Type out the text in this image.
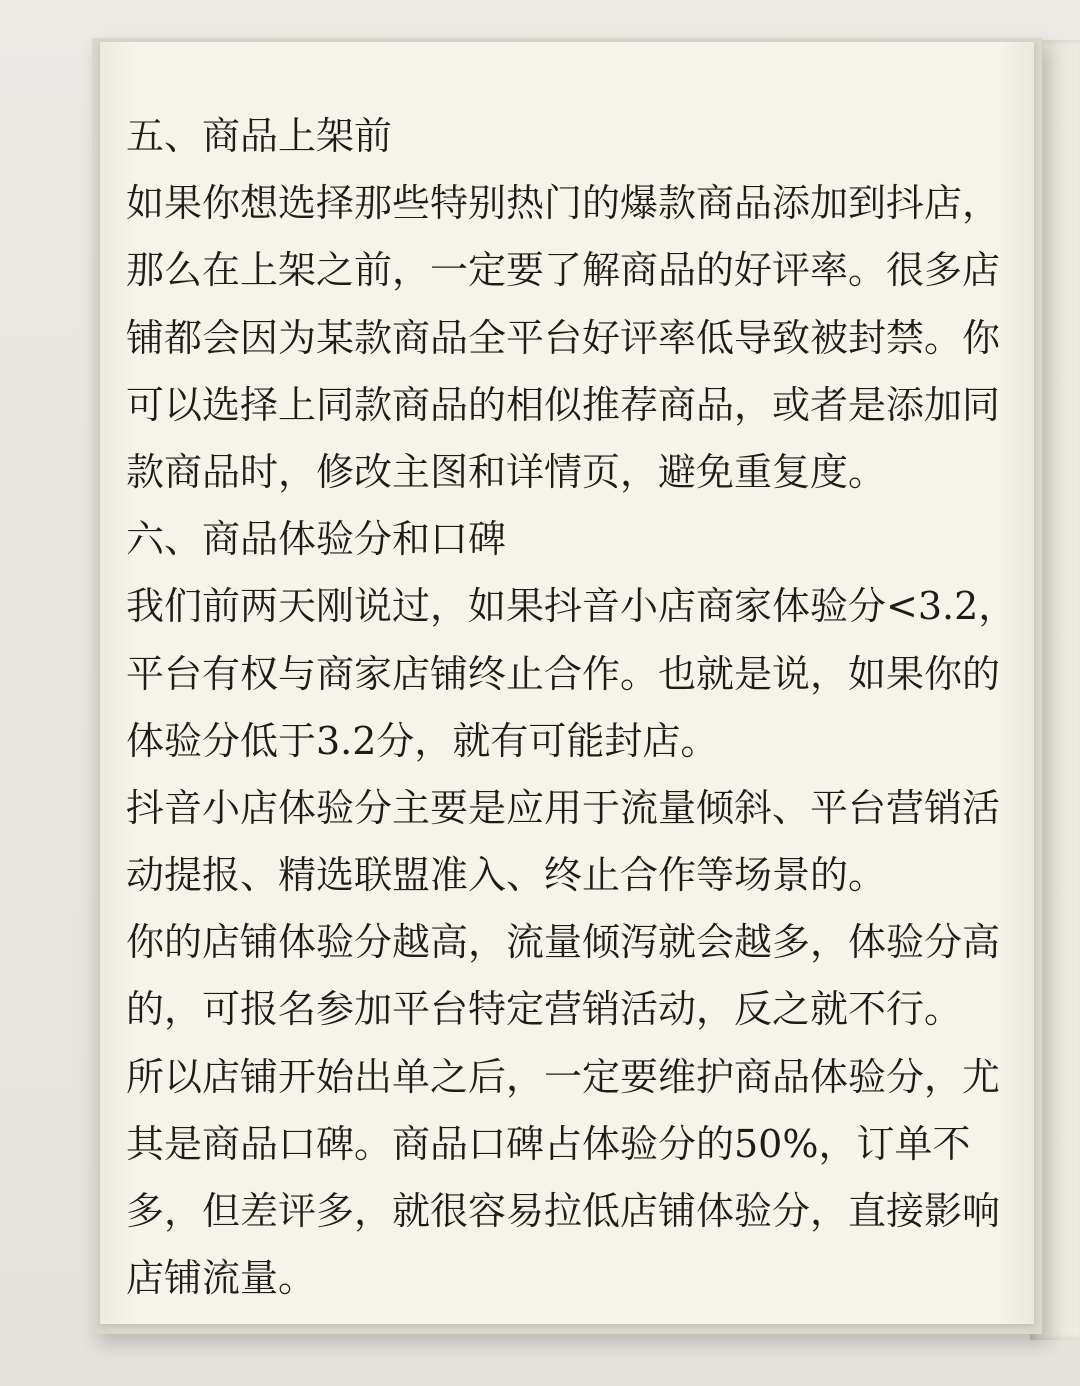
五、商品上架前
如果你想选择那些特别热门的爆款商品添加到抖店，
那么在上架之前，一定要了解商品的好评率。很多店
铺都会因为某款商品全平台好评率低导致被封禁。你
可以选择上同款商品的相似推荐商品，或者是添加同
款商品时，修改主图和详情页，避免重复度。
六、商品体验分和口碑
我们前两天刚说过，如果抖音小店商家体验分<3.2，
平台有权与商家店铺终止合作。也就是说，如果你的
体验分低于3.2分，就有可能封店。
抖音小店体验分主要是应用于流量倾斜、平台营销活
动提报、精选联盟准入、终止合作等场景的。
你的店铺体验分越高，流量倾泻就会越多，体验分高
的，可报名参加平台特定营销活动，反之就不行。
所以店铺开始出单之后，一定要维护商品体验分，尤
其是商品口碑。商品口碑占体验分的50%，订单不
多，但差评多，就很容易拉低店铺体验分，直接影响
店铺流量。
